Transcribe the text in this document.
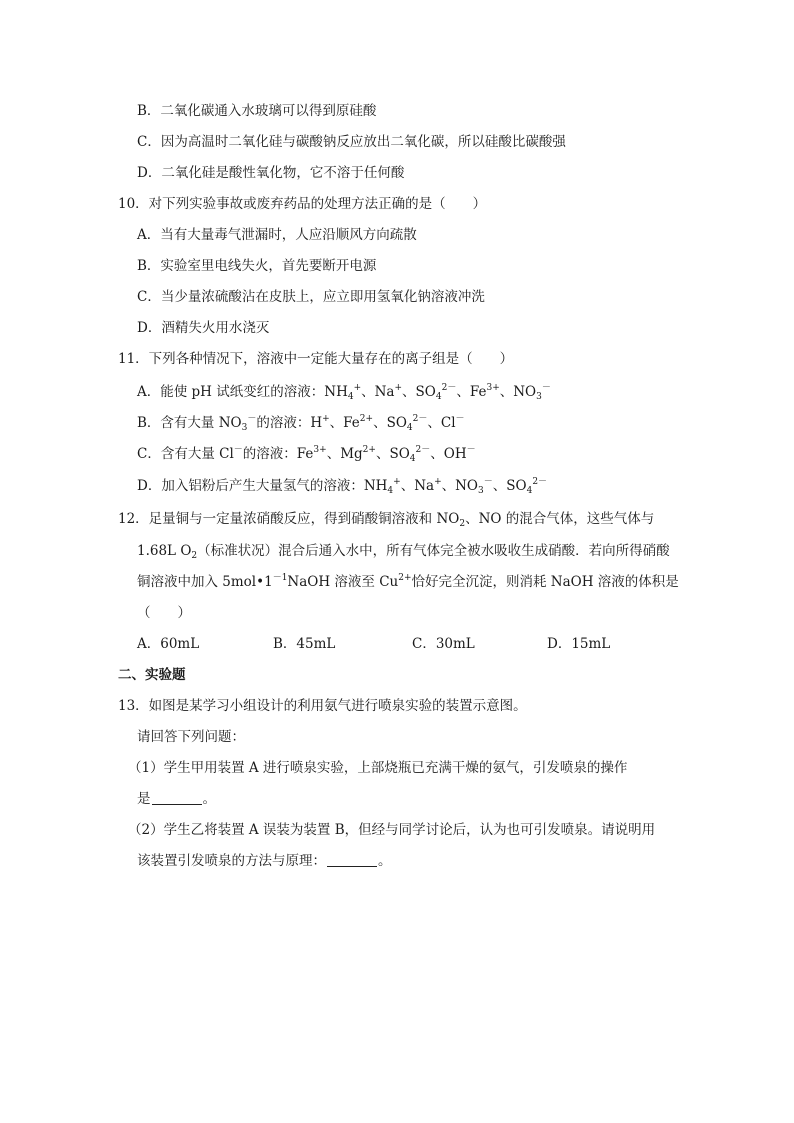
B．二氧化碳通入水玻璃可以得到原硅酸
C．因为高温时二氧化硅与碳酸钠反应放出二氧化碳，所以硅酸比碳酸强
D．二氧化硅是酸性氧化物，它不溶于任何酸
10．对下列实验事故或废弃药品的处理方法正确的是（　　）
A．当有大量毒气泄漏时，人应沿顺风方向疏散
B．实验室里电线失火，首先要断开电源
C．当少量浓硫酸沾在皮肤上，应立即用氢氧化钠溶液冲洗
D．酒精失火用水浇灭
11．下列各种情况下，溶液中一定能大量存在的离子组是（　　）
A．能使 pH 试纸变红的溶液：$NH_4^+$、Na+、$SO_4^{2-}$、$Fe^{3+}$、$NO_3^-$
B．含有大量 $NO_3^-$的溶液：H+、$Fe^{2+}$、$SO_4^{2-}$、Cl－
C．含有大量 Cl－的溶液：$Fe^{3+}$、$Mg^{2+}$、$SO_4^{2-}$、OH－
D．加入铝粉后产生大量氢气的溶液：$NH_4^+$、Na+、$NO_3^-$、$SO_4^{2-}$
12．足量铜与一定量浓硝酸反应，得到硝酸铜溶液和 $NO_2$、NO 的混合气体，这些气体与
1.68L $O_2$（标准状况）混合后通入水中，所有气体完全被水吸收生成硝酸．若向所得硝酸
铜溶液中加入 $5mol•1^{-1}NaOH$ 溶液至 $Cu^{2+}$恰好完全沉淀，则消耗 NaOH 溶液的体积是
（　　）
A．60mL	B．45mL	C．30mL	D．15mL
二、实验题
13．如图是某学习小组设计的利用氨气进行喷泉实验的装置示意图。
请回答下列问题：
（1）学生甲用装置 A 进行喷泉实验，上部烧瓶已充满干燥的氨气，引发喷泉的操作
是	。
（2）学生乙将装置 A 误装为装置 B，但经与同学讨论后，认为也可引发喷泉。请说明用
该装置引发喷泉的方法与原理：	。
